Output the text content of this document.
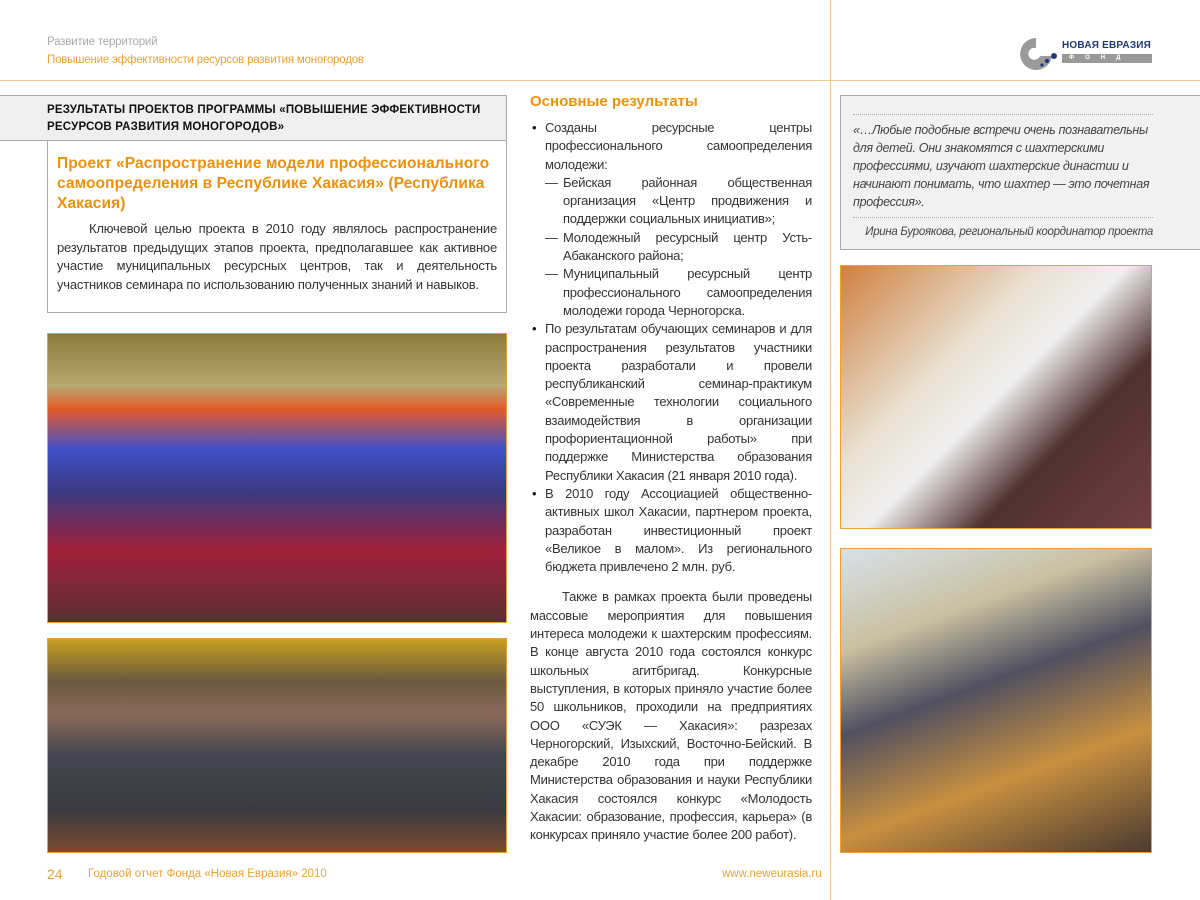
Развитие территорий
Повышение эффективности ресурсов развития моногородов
НОВАЯ ЕВРАЗИЯ
ФОНД
РЕЗУЛЬТАТЫ ПРОЕКТОВ ПРОГРАММЫ «ПОВЫШЕНИЕ ЭФФЕКТИВНОСТИ РЕСУРСОВ РАЗВИТИЯ МОНОГОРОДОВ»
Проект «Распространение модели профессионального самоопределения в Республике Хакасия» (Республика Хакасия)
Ключевой целью проекта в 2010 году являлось распространение результатов предыдущих этапов проекта, предполагавшее как активное участие муниципальных ресурсных центров, так и деятельность участников семинара по использованию полученных знаний и навыков.
Основные результаты
• Созданы ресурсные центры профессионального самоопределения молодежи:
— Бейская районная общественная организация «Центр продвижения и поддержки социальных инициатив»;
— Молодежный ресурсный центр Усть-Абаканского района;
— Муниципальный ресурсный центр профессионального самоопределения молодежи города Черногорска.
• По результатам обучающих семинаров и для распространения результатов участники проекта разработали и провели республиканский семинар-практикум «Современные технологии социального взаимодействия в организации профориентационной работы» при поддержке Министерства образования Республики Хакасия (21 января 2010 года).
• В 2010 году Ассоциацией общественно-активных школ Хакасии, партнером проекта, разработан инвестиционный проект «Великое в малом». Из регионального бюджета привлечено 2 млн. руб.

Также в рамках проекта были проведены массовые мероприятия для повышения интереса молодежи к шахтерским профессиям. В конце августа 2010 года состоялся конкурс школьных агитбригад. Конкурсные выступления, в которых приняло участие более 50 школьников, проходили на предприятиях ООО «СУЭК — Хакасия»: разрезах Черногорский, Изыхский, Восточно-Бейский. В декабре 2010 года при поддержке Министерства образования и науки Республики Хакасия состоялся конкурс «Молодость Хакасии: образование, профессия, карьера» (в конкурсах приняло участие более 200 работ).

«…Любые подобные встречи очень познавательны для детей. Они знакомятся с шахтерскими профессиями, изучают шахтерские династии и начинают понимать, что шахтер — это почетная профессия».
Ирина Бурoякова, региональный координатор проекта
24 Годовой отчет Фонда «Новая Евразия» 2010	www.neweurasia.ru
